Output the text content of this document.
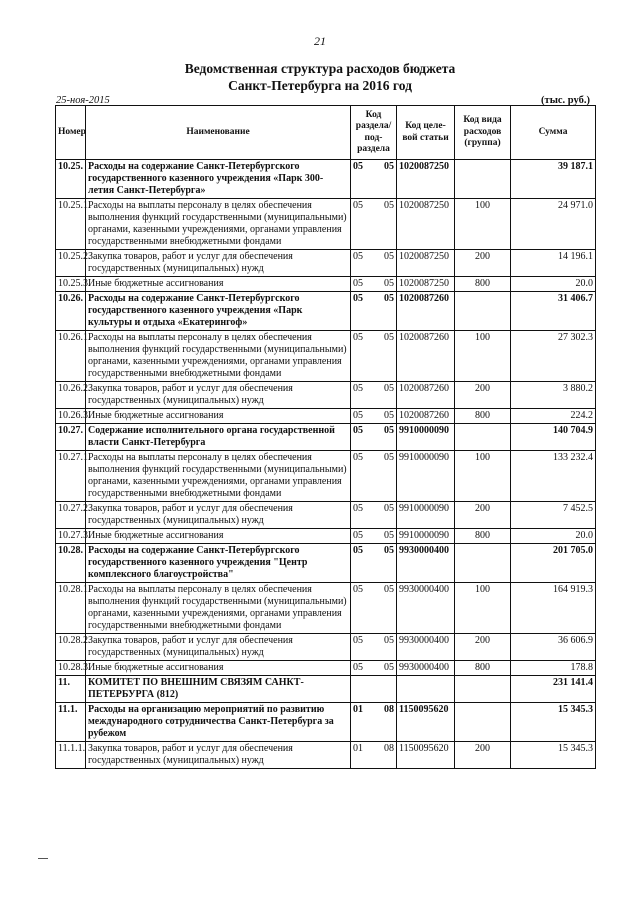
21
Ведомственная структура расходов бюджета
Санкт-Петербурга на 2016 год
25-ноя-2015	(тыс. руб.)
Номер	Наименование	Код раздела/ под-раздела		Код целе-вой статьи	Код вида расходов (группа)	Сумма
10.25.	Расходы на содержание Санкт-Петербургского государственного казенного учреждения «Парк 300-летия Санкт-Петербурга»	05	05	1020087250		39 187.1
10.25.1.	Расходы на выплаты персоналу в целях обеспечения выполнения функций государственными (муниципальными) органами, казенными учреждениями, органами управления государственными внебюджетными фондами	05	05	1020087250	100	24 971.0
10.25.2.	Закупка товаров, работ и услуг для обеспечения государственных (муниципальных) нужд	05	05	1020087250	200	14 196.1
10.25.3.	Иные бюджетные ассигнования	05	05	1020087250	800	20.0
10.26.	Расходы на содержание Санкт-Петербургского государственного казенного учреждения «Парк культуры и отдыха «Екатерингоф»	05	05	1020087260		31 406.7
10.26.1.	Расходы на выплаты персоналу в целях обеспечения выполнения функций государственными (муниципальными) органами, казенными учреждениями, органами управления государственными внебюджетными фондами	05	05	1020087260	100	27 302.3
10.26.2.	Закупка товаров, работ и услуг для обеспечения государственных (муниципальных) нужд	05	05	1020087260	200	3 880.2
10.26.3.	Иные бюджетные ассигнования	05	05	1020087260	800	224.2
10.27.	Содержание исполнительного органа государственной власти Санкт-Петербурга	05	05	9910000090		140 704.9
10.27.1.	Расходы на выплаты персоналу в целях обеспечения выполнения функций государственными (муниципальными) органами, казенными учреждениями, органами управления государственными внебюджетными фондами	05	05	9910000090	100	133 232.4
10.27.2.	Закупка товаров, работ и услуг для обеспечения государственных (муниципальных) нужд	05	05	9910000090	200	7 452.5
10.27.3.	Иные бюджетные ассигнования	05	05	9910000090	800	20.0
10.28.	Расходы на содержание Санкт-Петербургского государственного казенного учреждения "Центр комплексного благоустройства"	05	05	9930000400		201 705.0
10.28.1.	Расходы на выплаты персоналу в целях обеспечения выполнения функций государственными (муниципальными) органами, казенными учреждениями, органами управления государственными внебюджетными фондами	05	05	9930000400	100	164 919.3
10.28.2.	Закупка товаров, работ и услуг для обеспечения государственных (муниципальных) нужд	05	05	9930000400	200	36 606.9
10.28.3.	Иные бюджетные ассигнования	05	05	9930000400	800	178.8
11.	КОМИТЕТ ПО ВНЕШНИМ СВЯЗЯМ САНКТ-ПЕТЕРБУРГА (812)					231 141.4
11.1.	Расходы на организацию мероприятий по развитию международного сотрудничества Санкт-Петербурга за рубежом	01	08	1150095620		15 345.3
11.1.1.	Закупка товаров, работ и услуг для обеспечения государственных (муниципальных) нужд	01	08	1150095620	200	15 345.3
